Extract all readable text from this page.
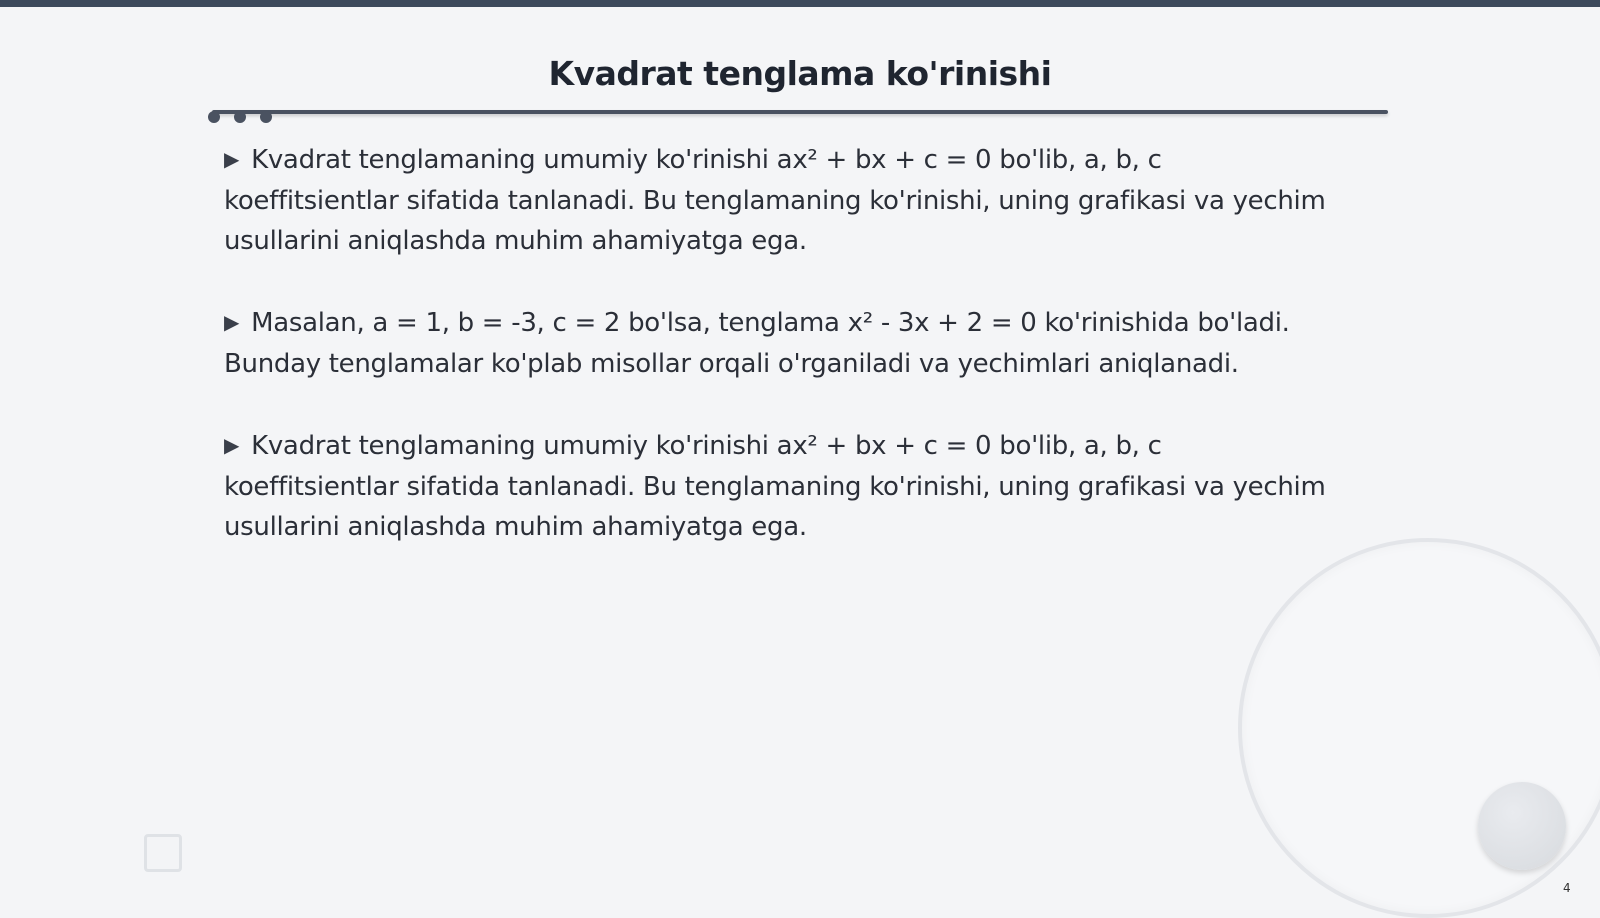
Kvadrat tenglama ko'rinishi
▶ Kvadrat tenglamaning umumiy ko'rinishi ax² + bx + c = 0 bo'lib, a, b, c koeffitsientlar sifatida tanlanadi. Bu tenglamaning ko'rinishi, uning grafikasi va yechim usullarini aniqlashda muhim ahamiyatga ega.
▶ Masalan, a = 1, b = -3, c = 2 bo'lsa, tenglama x² - 3x + 2 = 0 ko'rinishida bo'ladi. Bunday tenglamalar ko'plab misollar orqali o'rganiladi va yechimlari aniqlanadi.
▶ Kvadrat tenglamaning umumiy ko'rinishi ax² + bx + c = 0 bo'lib, a, b, c koeffitsientlar sifatida tanlanadi. Bu tenglamaning ko'rinishi, uning grafikasi va yechim usullarini aniqlashda muhim ahamiyatga ega.
4
